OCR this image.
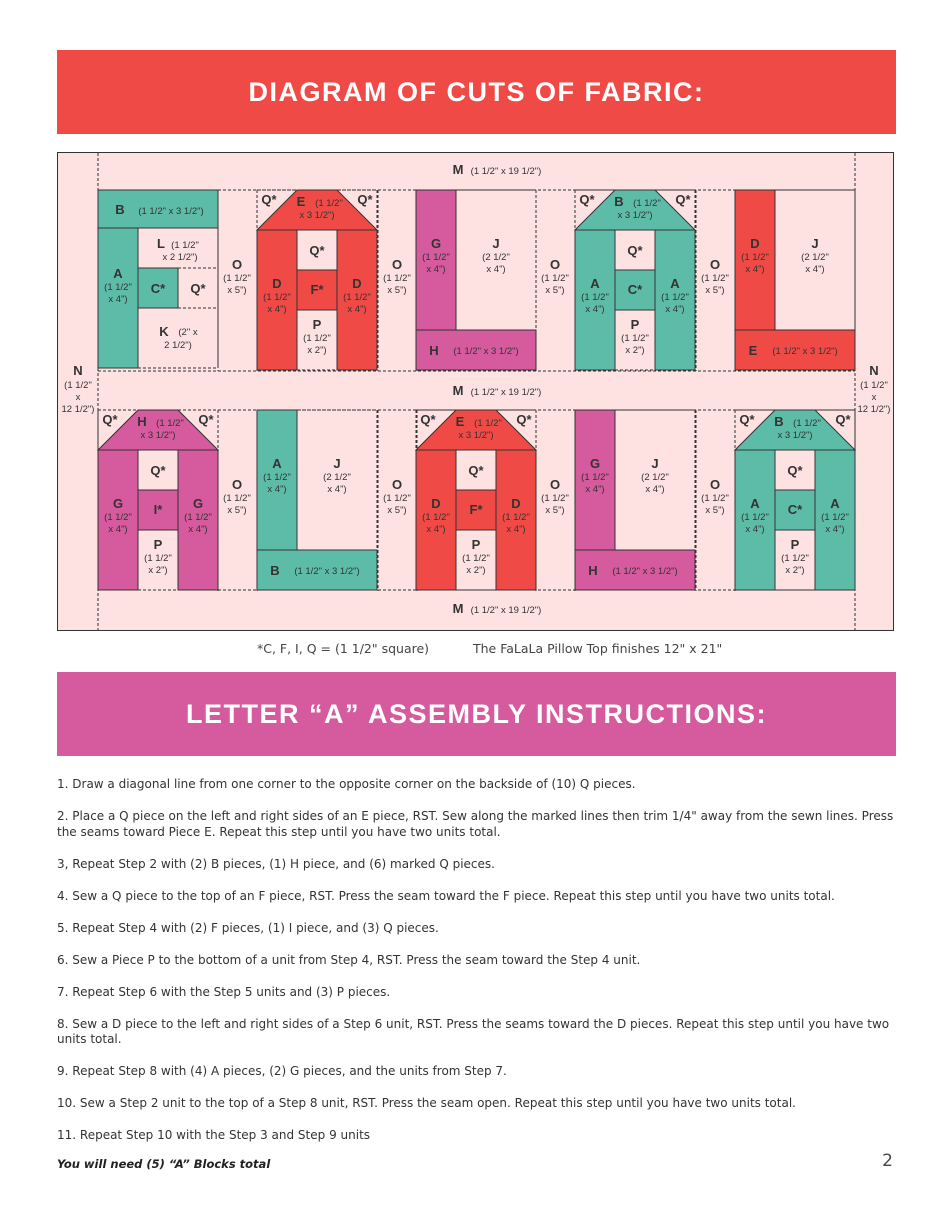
DIAGRAM OF CUTS OF FABRIC:
M (1 1/2" x 19 1/2")
M (1 1/2" x 19 1/2")
M (1 1/2" x 19 1/2")
N
(1 1/2"
x
12 1/2")
N
(1 1/2"
x
12 1/2")
O
(1 1/2"
x 5")
O
(1 1/2"
x 5")
O
(1 1/2"
x 5")
O
(1 1/2"
x 5")
O
(1 1/2"
x 5")
O
(1 1/2"
x 5")
O
(1 1/2"
x 5")
O
(1 1/2"
x 5")
B (1 1/2" x 3 1/2")
A
(1 1/2"
x 4")
C* Q*
L (1 1/2"
x 2 1/2")
K (2" x
2 1/2")
Q*	Q*
Q*
F*
P
(1 1/2"
x 2")
D
(1 1/2"
x 4")
D
(1 1/2"
x 4")
E (1 1/2"
x 3 1/2")
G
(1 1/2"
x 4")
J
(2 1/2"
x 4")
H (1 1/2" x 3 1/2")
Q*	Q*
Q*
C*
P
(1 1/2"
x 2")
A
(1 1/2"
x 4")
A
(1 1/2"
x 4")
B (1 1/2"
x 3 1/2")
D
(1 1/2"
x 4")
J
(2 1/2"
x 4")
E (1 1/2" x 3 1/2")
Q*	Q*
Q*
I*
P
(1 1/2"
x 2")
G
(1 1/2"
x 4")
G
(1 1/2"
x 4")
H (1 1/2"
x 3 1/2")
A
(1 1/2"
x 4")
J
(2 1/2"
x 4")
B (1 1/2" x 3 1/2")
Q*	Q*
Q*
F*
P
(1 1/2"
x 2")
D
(1 1/2"
x 4")
D
(1 1/2"
x 4")
E (1 1/2"
x 3 1/2")
G
(1 1/2"
x 4")
J
(2 1/2"
x 4")
H (1 1/2" x 3 1/2")
Q*	Q*
Q*
C*
P
(1 1/2"
x 2")
A
(1 1/2"
x 4")
A
(1 1/2"
x 4")
B (1 1/2"
x 3 1/2")
*C, F, I, Q = (1 1/2" square)	The FaLaLa Pillow Top finishes 12" x 21"
LETTER “A” ASSEMBLY INSTRUCTIONS:

1. Draw a diagonal line from one corner to the opposite corner on the backside of (10) Q pieces.

2. Place a Q piece on the left and right sides of an E piece, RST. Sew along the marked lines then trim 1/4" away from the sewn lines. Press the seams toward Piece E. Repeat this step until you have two units total.

3, Repeat Step 2 with (2) B pieces, (1) H piece, and (6) marked Q pieces.

4. Sew a Q piece to the top of an F piece, RST. Press the seam toward the F piece. Repeat this step until you have two units total.

5. Repeat Step 4 with (2) F pieces, (1) I piece, and (3) Q pieces.

6. Sew a Piece P to the bottom of a unit from Step 4, RST. Press the seam toward the Step 4 unit.

7. Repeat Step 6 with the Step 5 units and (3) P pieces.

8. Sew a D piece to the left and right sides of a Step 6 unit, RST. Press the seams toward the D pieces. Repeat this step until you have two units total.

9. Repeat Step 8 with (4) A pieces, (2) G pieces, and the units from Step 7.

10. Sew a Step 2 unit to the top of a Step 8 unit, RST. Press the seam open. Repeat this step until you have two units total.

11. Repeat Step 10 with the Step 3 and Step 9 units

You will need (5) “A” Blocks total	2
